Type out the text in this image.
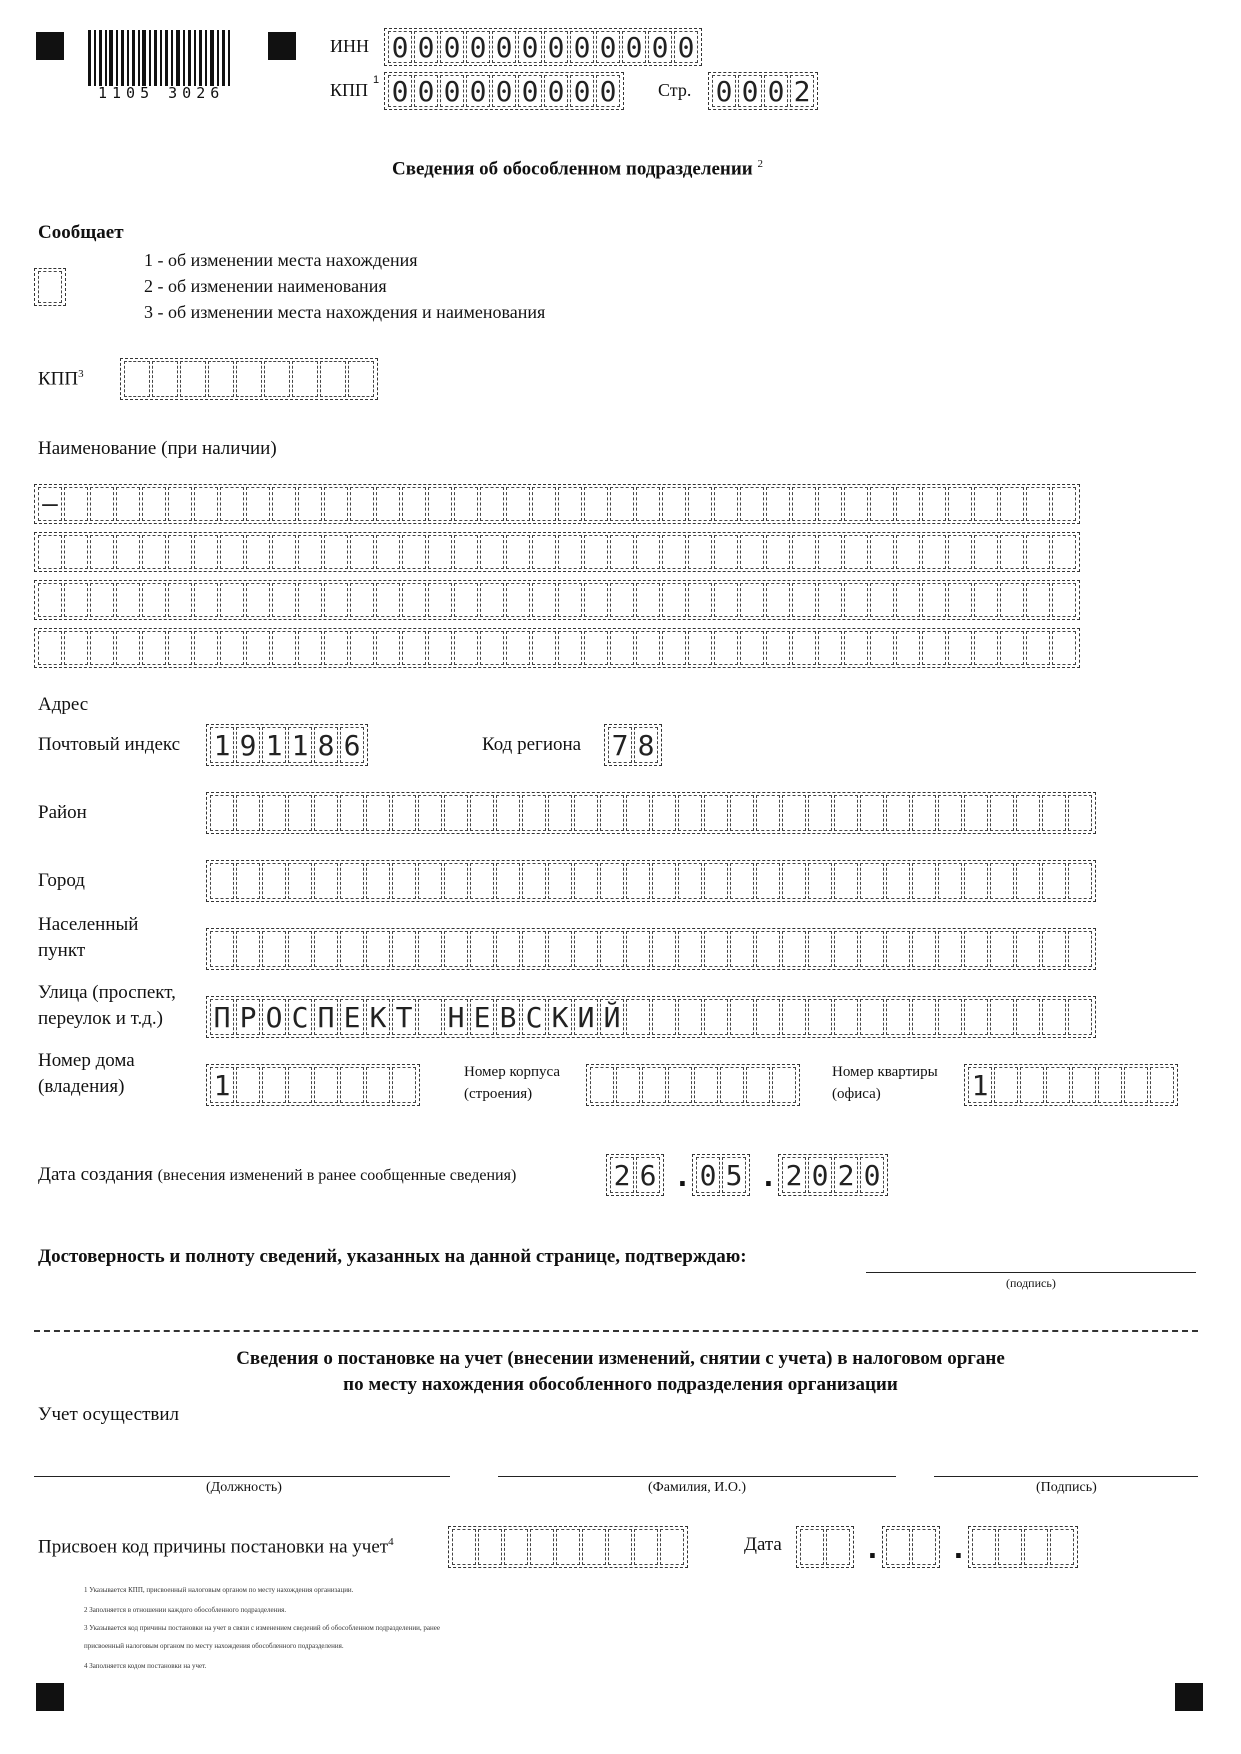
1105 3026
ИНН 0 0 0 0 0 0 0 0 0 0 0 0
КПП 1 0 0 0 0 0 0 0 0 0 Стр. 0 0 0 2
Сведения об обособленном подразделении $^2$
Сообщает
1 - об изменении места нахождения
2 - об изменении наименования
3 - об изменении места нахождения и наименования
КПП$^3$
Наименование (при наличии)
–
Адрес
Почтовый индекс 1 9 1 1 8 6	Код региона 7 8
Район
Город
Населенный
пункт
Улица (проспект,
переулок и т.д.) П Р О С П Е К Т Н Е В С К И Й
Номер дома
(владения)	1	Номер корпуса
(строения)
Номер квартиры
(офиса)	1
Дата создания (внесения изменений в ранее сообщенные сведения)	2 6 . 0 5 . 2 0 2 0
Достоверность и полноту сведений, указанных на данной странице, подтверждаю:
(подпись)
Сведения о постановке на учет (внесении изменений, снятии с учета) в налоговом органе
по месту нахождения обособленного подразделения организации
Учет осуществил
(Должность)	(Фамилия, И.О.)	(Подпись)
Присвоен код причины постановки на учет$^4$	Дата	. .
1 Указывается КПП, присвоенный налоговым органом по месту нахождения организации.
2 Заполняется в отношении каждого обособленного подразделения.
3 Указывается код причины постановки на учет в связи с изменением сведений об обособленном подразделении, ранее
присвоенный налоговым органом по месту нахождения обособленного подразделения.
4 Заполняется кодом постановки на учет.
